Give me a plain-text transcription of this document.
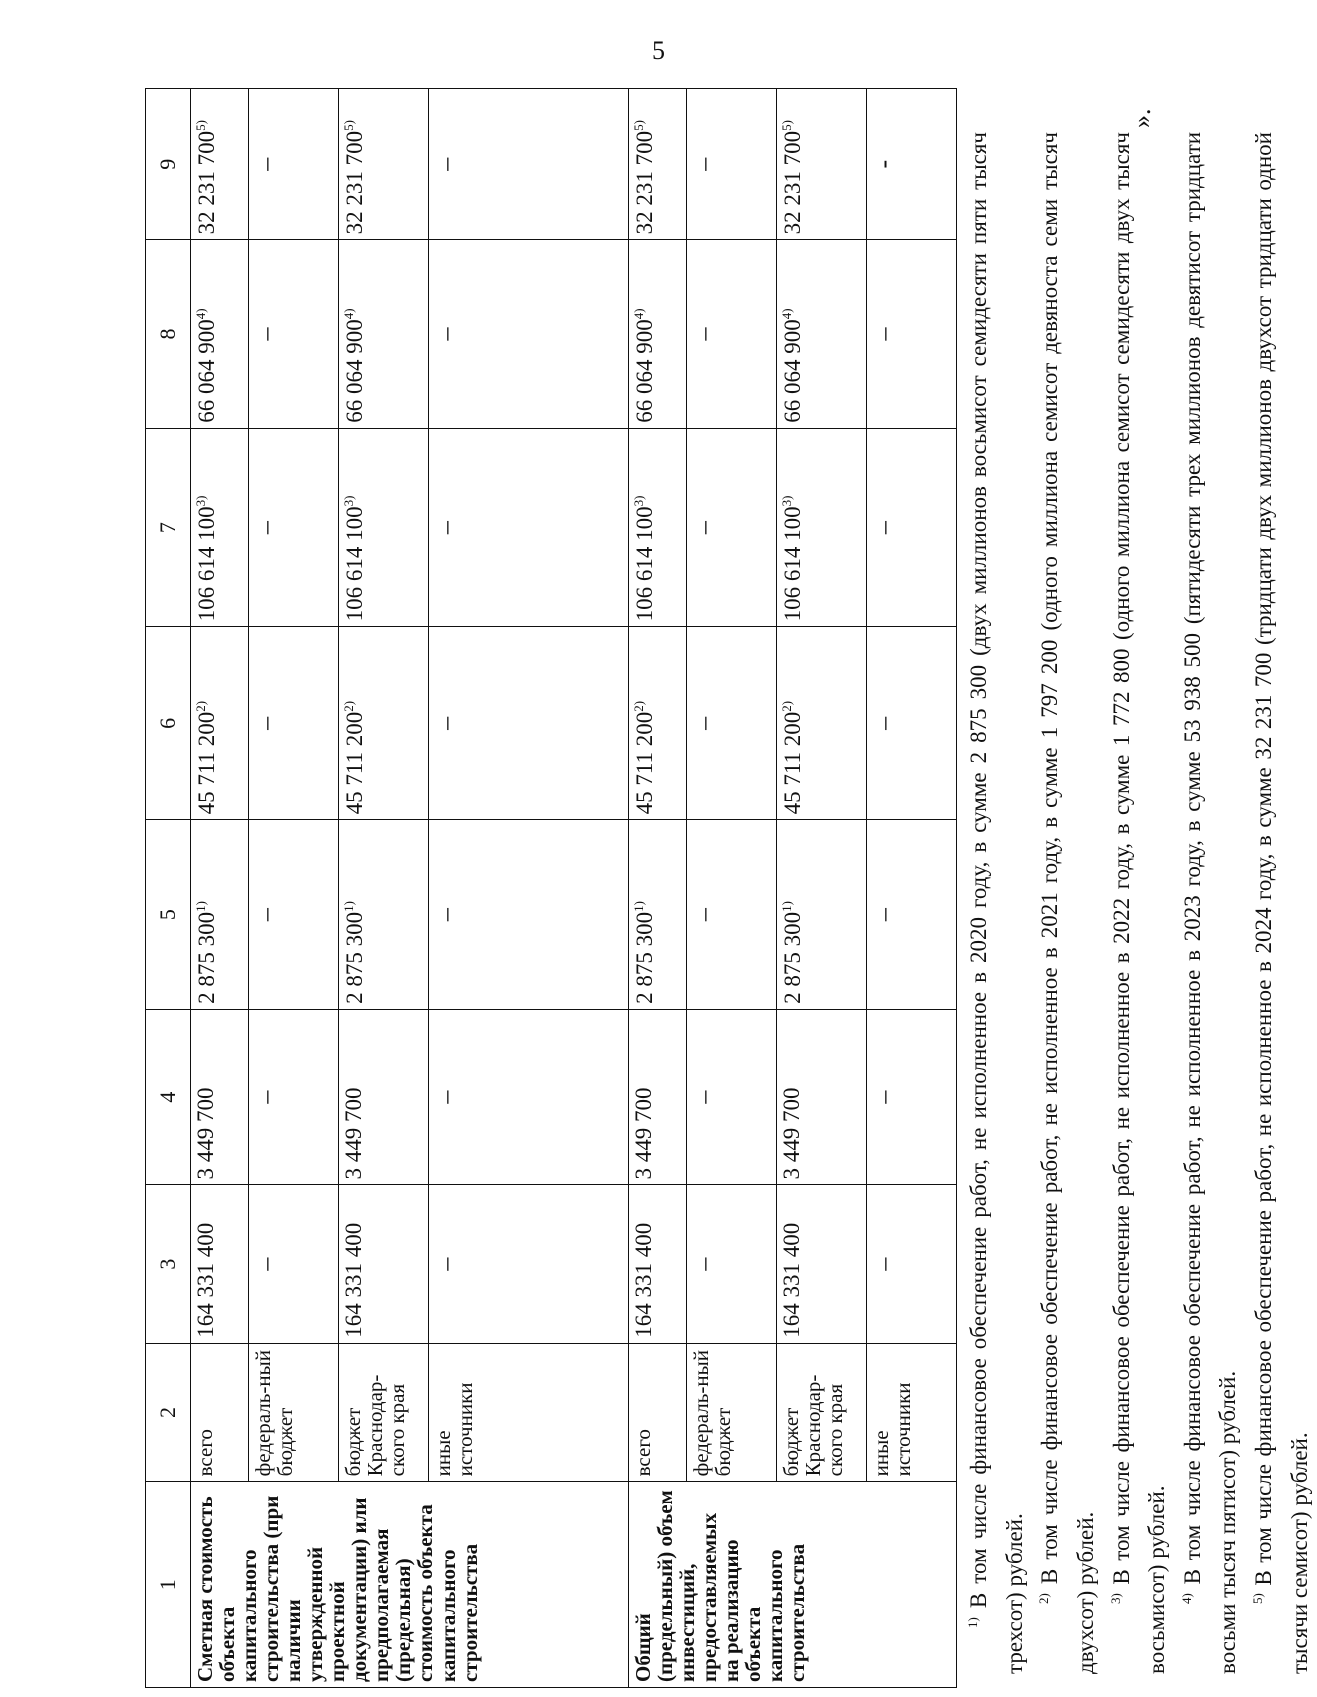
5
».
1	2	3	4	5	6	7	8	9
Сметная стоимость объекта капитального строительства (при наличии утвержденной проектной документации) или предполагаемая (предельная) стоимость объекта капитального строительства	всего	164 331 400	3 449 700	2 875 300$^{1)}$	45 711 200$^{2)}$	106 614 100$^{3)}$	66 064 900$^{4)}$	32 231 700$^{5)}$
	федераль-ный бюджет	–	–	–	–	–	–	–
	бюджет Краснодар-ского края	164 331 400	3 449 700	2 875 300$^{1)}$	45 711 200$^{2)}$	106 614 100$^{3)}$	66 064 900$^{4)}$	32 231 700$^{5)}$
	иные источники	–	–	–	–	–	–	–
Общий (предельный) объем инвестиций, предоставляемых на реализацию объекта капитального строительства	всего	164 331 400	3 449 700	2 875 300$^{1)}$	45 711 200$^{2)}$	106 614 100$^{3)}$	66 064 900$^{4)}$	32 231 700$^{5)}$
	федераль-ный бюджет	–	–	–	–	–	–	–
	бюджет Краснодар-ского края	164 331 400	3 449 700	2 875 300$^{1)}$	45 711 200$^{2)}$	106 614 100$^{3)}$	66 064 900$^{4)}$	32 231 700$^{5)}$
	иные источники	–	–	–	–	–	–	-

$^{1)}$ В том числе финансовое обеспечение работ, не исполненное в 2020 году, в сумме 2 875 300 (двух миллионов восьмисот семидесяти пяти тысяч трехсот) рублей. $^{2)}$ В том числе финансовое обеспечение работ, не исполненное в 2021 году, в сумме 1 797 200 (одного миллиона семисот девяноста семи тысяч двухсот) рублей. $^{3)}$ В том числе финансовое обеспечение работ, не исполненное в 2022 году, в сумме 1 772 800 (одного миллиона семисот семидесяти двух тысяч восьмисот) рублей. $^{4)}$ В том числе финансовое обеспечение работ, не исполненное в 2023 году, в сумме 53 938 500 (пятидесяти трех миллионов девятисот тридцати восьми тысяч пятисот) рублей. $^{5)}$ В том числе финансовое обеспечение работ, не исполненное в 2024 году, в сумме 32 231 700 (тридцати двух миллионов двухсот тридцати одной тысячи семисот) рублей.
